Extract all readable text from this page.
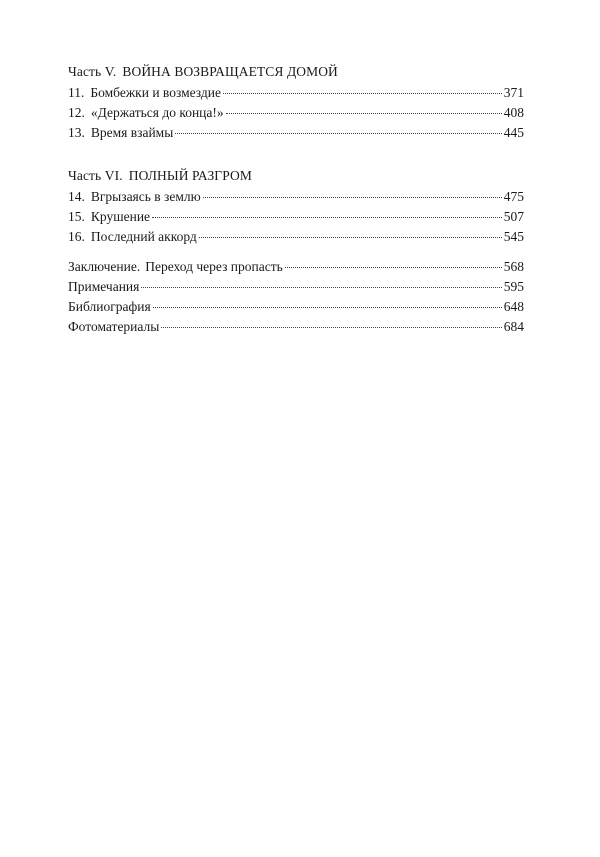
Часть V. ВОЙНА ВОЗВРАЩАЕТСЯ ДОМОЙ
11. Бомбежки и возмездие	371
12. «Держаться до конца!»	408
13. Время взаймы	445
Часть VI. ПОЛНЫЙ РАЗГРОМ
14. Вгрызаясь в землю	475
15. Крушение	507
16. Последний аккорд	545
Заключение. Переход через пропасть	568
Примечания	595
Библиография	648
Фотоматериалы	684
